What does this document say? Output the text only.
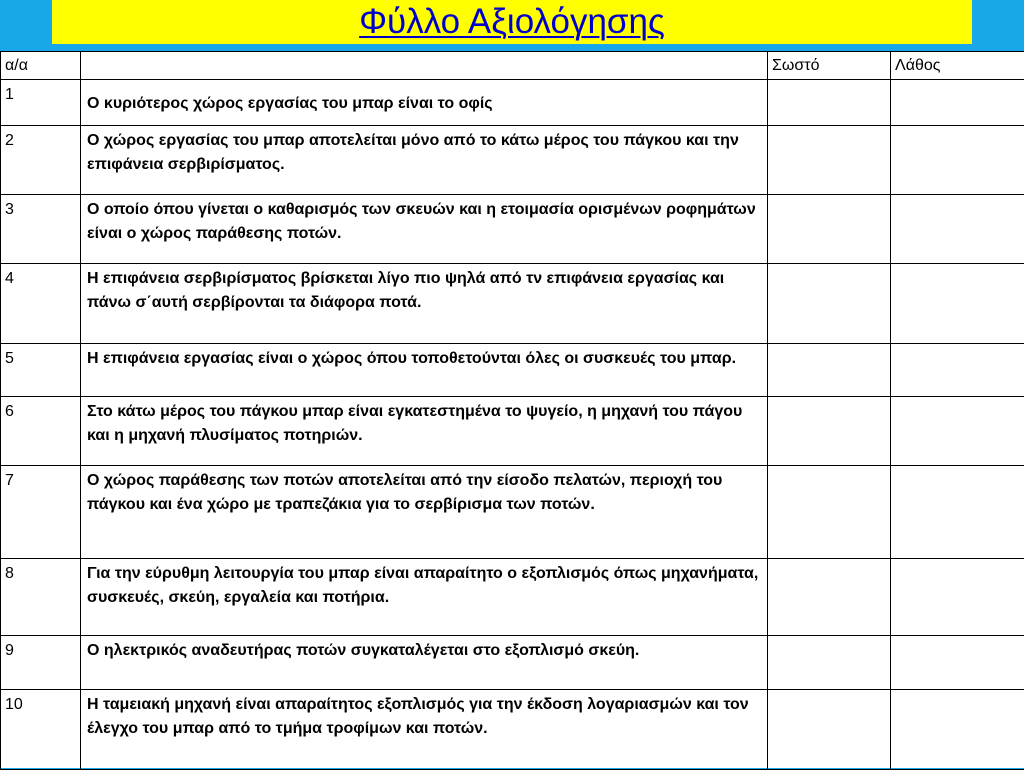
Φύλλο Αξιολόγησης
α/α		Σωστό	Λάθος
1	Ο κυριότερος χώρος εργασίας του μπαρ είναι το οφίς		
2	Ο χώρος εργασίας του μπαρ αποτελείται μόνο από το κάτω μέρος του πάγκου και την επιφάνεια σερβιρίσματος.		
3	Ο οποίο όπου γίνεται ο καθαρισμός των σκευών και η ετοιμασία ορισμένων ροφημάτων είναι ο χώρος παράθεσης ποτών.		
4	Η επιφάνεια σερβιρίσματος βρίσκεται λίγο πιο ψηλά από τν επιφάνεια εργασίας και πάνω σ΄αυτή σερβίρονται τα διάφορα ποτά.		
5	Η επιφάνεια εργασίας είναι ο χώρος όπου τοποθετούνται όλες οι συσκευές του μπαρ.		
6	Στο κάτω μέρος του πάγκου μπαρ είναι εγκατεστημένα το ψυγείο, η μηχανή του πάγου και η μηχανή πλυσίματος ποτηριών.		
7	Ο χώρος παράθεσης των ποτών αποτελείται από την είσοδο πελατών, περιοχή του πάγκου και ένα χώρο με τραπεζάκια για το σερβίρισμα των ποτών.		
8	Για την εύρυθμη λειτουργία του μπαρ είναι απαραίτητο ο εξοπλισμός όπως μηχανήματα, συσκευές, σκεύη, εργαλεία και ποτήρια.		
9	Ο ηλεκτρικός αναδευτήρας ποτών συγκαταλέγεται στο εξοπλισμό σκεύη.		
10	Η ταμειακή μηχανή είναι απαραίτητος εξοπλισμός για την έκδοση λογαριασμών και τον έλεγχο του μπαρ από το τμήμα τροφίμων και ποτών.		
